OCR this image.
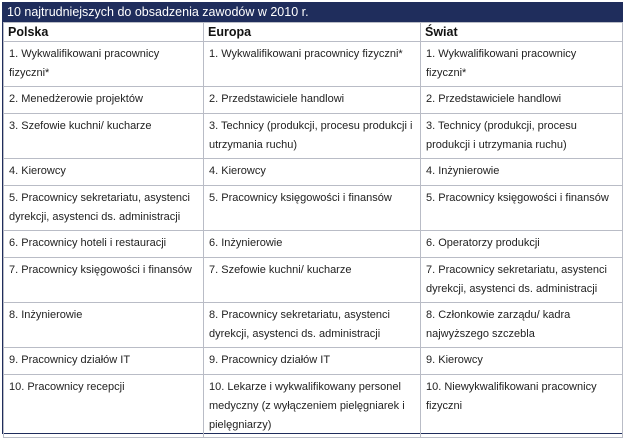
10 najtrudniejszych do obsadzenia zawodów w 2010 r.
Polska	Europa	Świat
1. Wykwalifikowani pracownicy fizyczni*	1. Wykwalifikowani pracownicy fizyczni*	1. Wykwalifikowani pracownicy fizyczni*
2. Menedżerowie projektów	2. Przedstawiciele handlowi	2. Przedstawiciele handlowi
3. Szefowie kuchni/ kucharze	3. Technicy (produkcji, procesu produkcji i utrzymania ruchu)	3. Technicy (produkcji, procesu produkcji i utrzymania ruchu)
4. Kierowcy	4. Kierowcy	4. Inżynierowie
5. Pracownicy sekretariatu, asystenci dyrekcji, asystenci ds. administracji	5. Pracownicy księgowości i finansów	5. Pracownicy księgowości i finansów
6. Pracownicy hoteli i restauracji	6. Inżynierowie	6. Operatorzy produkcji
7. Pracownicy księgowości i finansów	7. Szefowie kuchni/ kucharze	7. Pracownicy sekretariatu, asystenci dyrekcji, asystenci ds. administracji
8. Inżynierowie	8. Pracownicy sekretariatu, asystenci dyrekcji, asystenci ds. administracji	8. Członkowie zarządu/ kadra najwyższego szczebla
9. Pracownicy działów IT	9. Pracownicy działów IT	9. Kierowcy
10. Pracownicy recepcji	10. Lekarze i wykwalifikowany personel medyczny (z wyłączeniem pielęgniarek i pielęgniarzy)	10. Niewykwalifikowani pracownicy fizyczni
